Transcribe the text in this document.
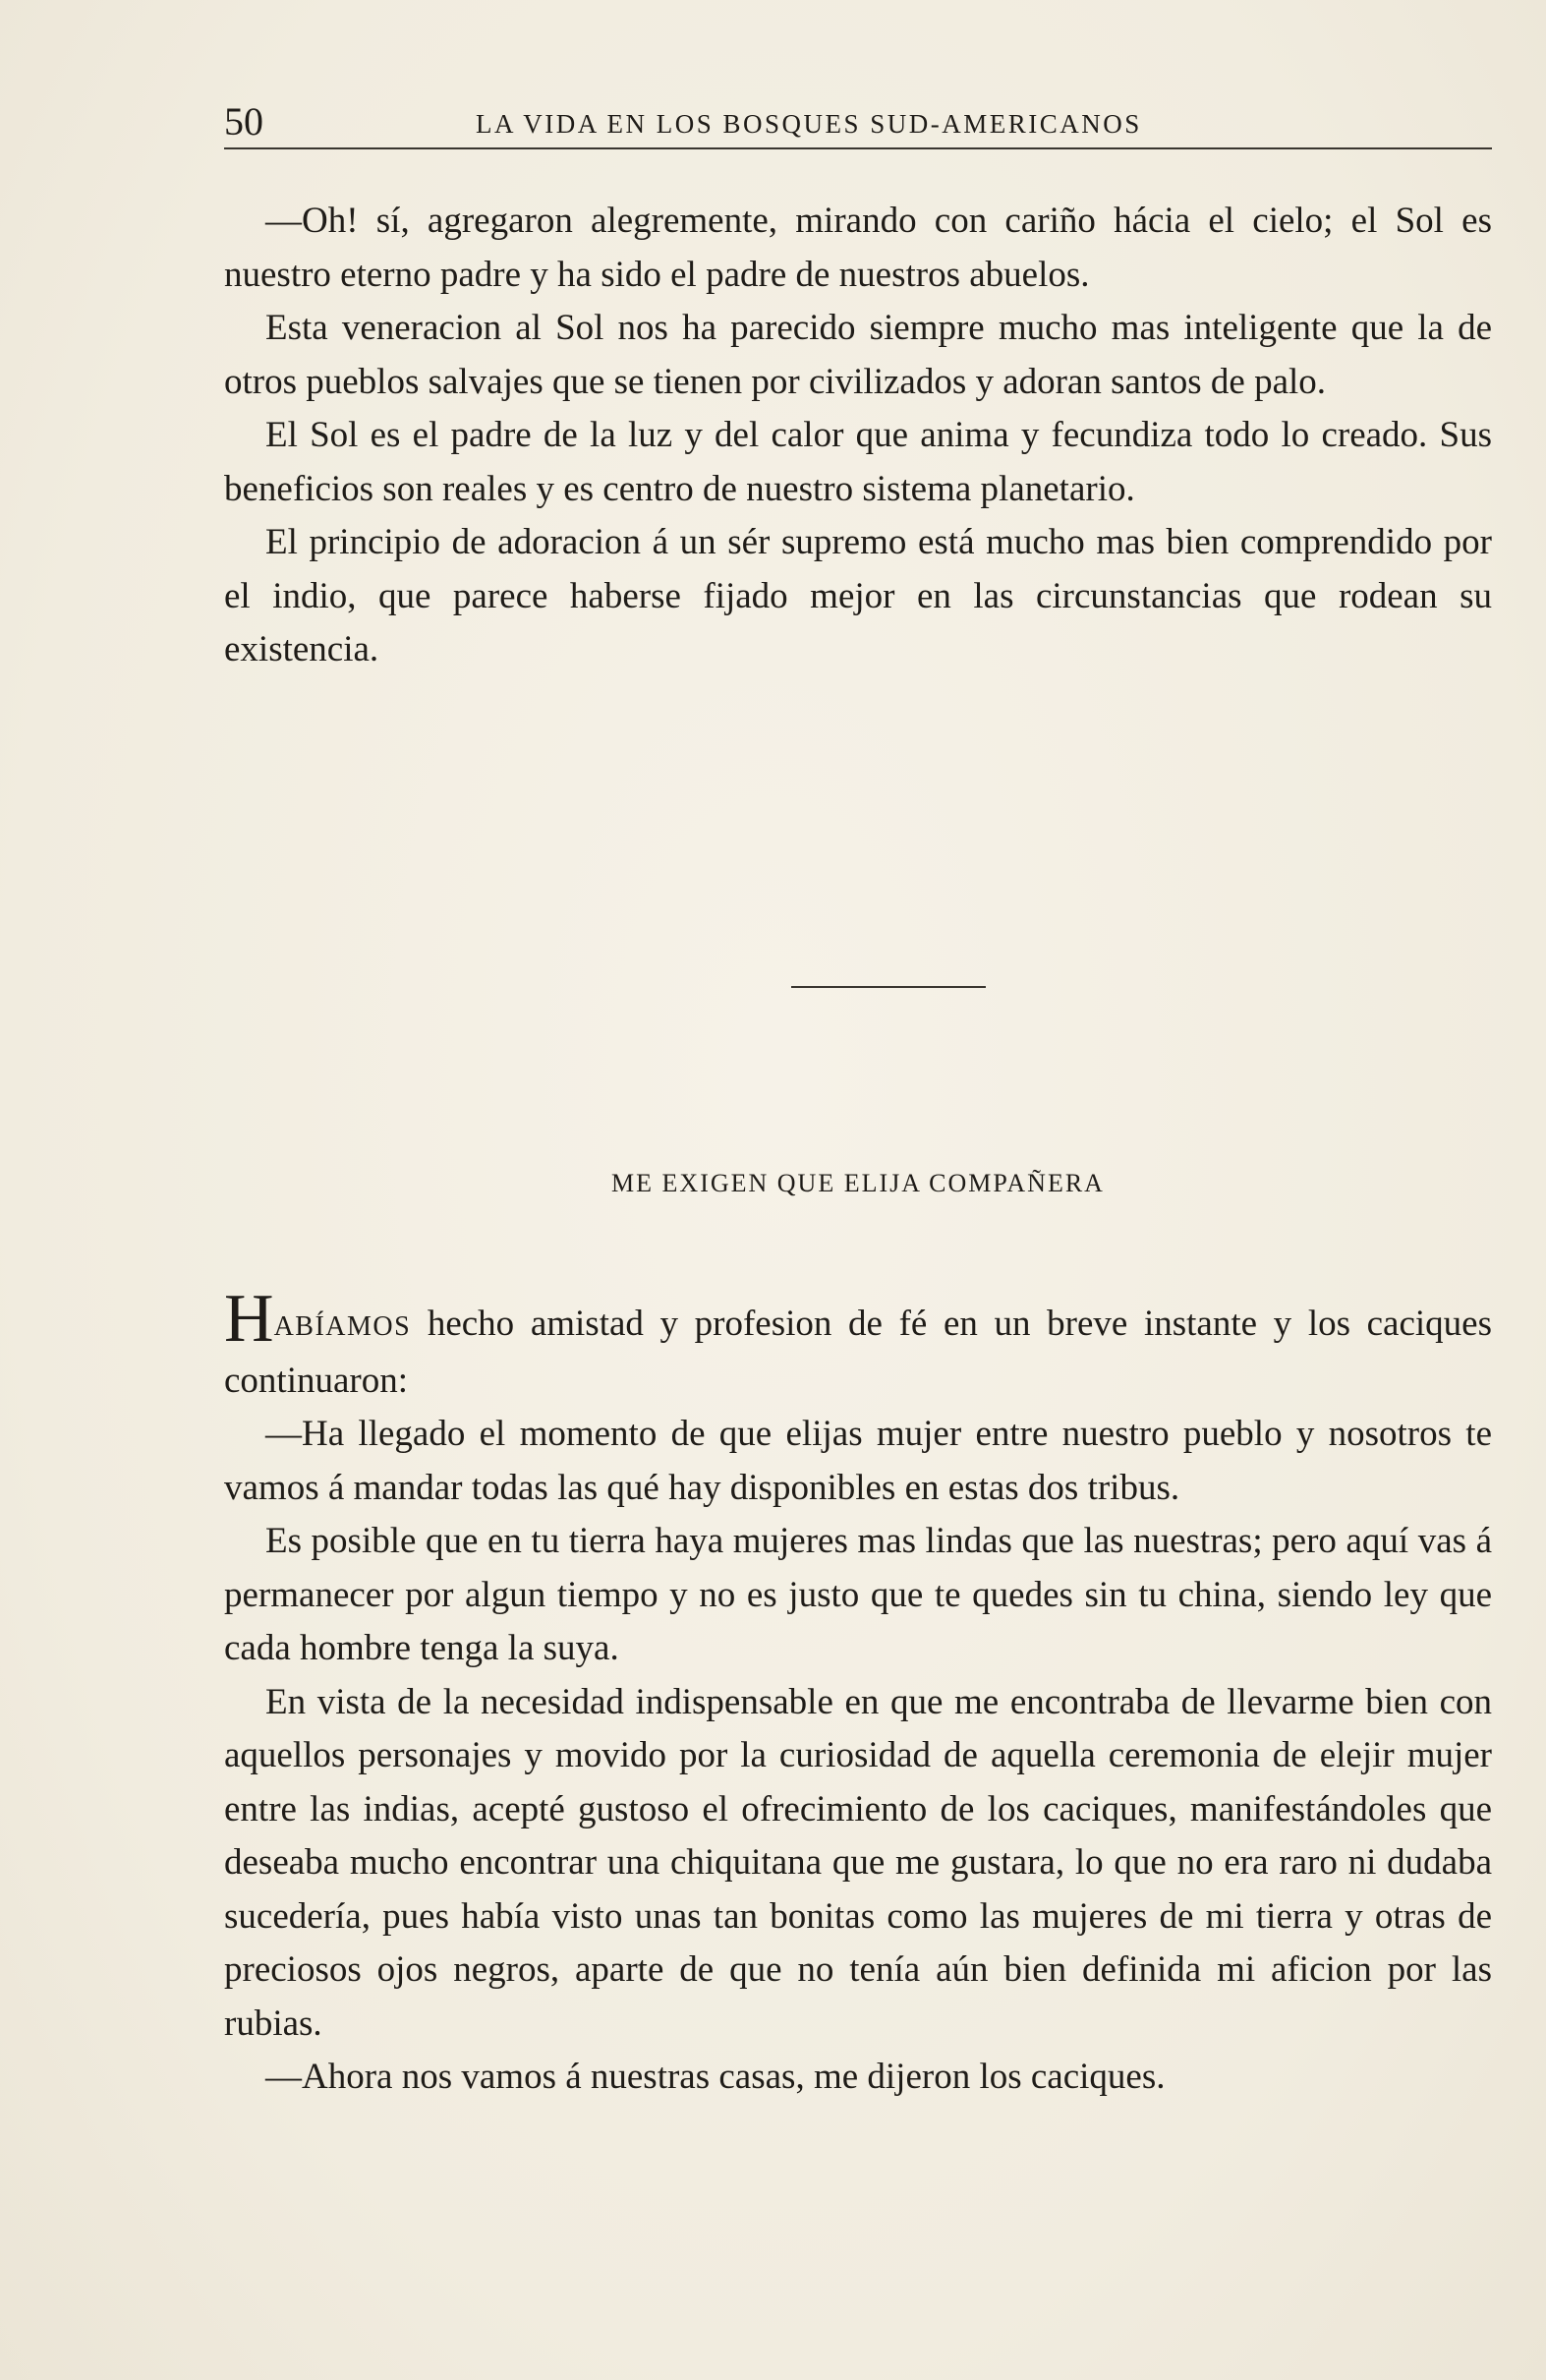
50	LA VIDA EN LOS BOSQUES SUD-AMERICANOS

—Oh! sí, agregaron alegremente, mirando con cariño hácia el cielo; el Sol es nuestro eterno padre y ha sido el padre de nuestros abuelos.

Esta veneracion al Sol nos ha parecido siempre mucho mas inteligente que la de otros pueblos salvajes que se tienen por civilizados y adoran santos de palo.

El Sol es el padre de la luz y del calor que anima y fecundiza todo lo creado. Sus beneficios son reales y es centro de nuestro sistema planetario.

El principio de adoracion á un sér supremo está mucho mas bien comprendido por el indio, que parece haberse fijado mejor en las circunstancias que rodean su existencia.

ME EXIGEN QUE ELIJA COMPAÑERA

HABÍAMOS hecho amistad y profesion de fé en un breve instante y los caciques continuaron:

—Ha llegado el momento de que elijas mujer entre nuestro pueblo y nosotros te vamos á mandar todas las qué hay disponibles en estas dos tribus.

Es posible que en tu tierra haya mujeres mas lindas que las nuestras; pero aquí vas á permanecer por algun tiempo y no es justo que te quedes sin tu china, siendo ley que cada hombre tenga la suya.

En vista de la necesidad indispensable en que me encontraba de llevarme bien con aquellos personajes y movido por la curiosidad de aquella ceremonia de elejir mujer entre las indias, acepté gustoso el ofrecimiento de los caciques, manifestándoles que deseaba mucho encontrar una chiquitana que me gustara, lo que no era raro ni dudaba sucedería, pues había visto unas tan bonitas como las mujeres de mi tierra y otras de preciosos ojos negros, aparte de que no tenía aún bien definida mi aficion por las rubias.

—Ahora nos vamos á nuestras casas, me dijeron los caciques.
